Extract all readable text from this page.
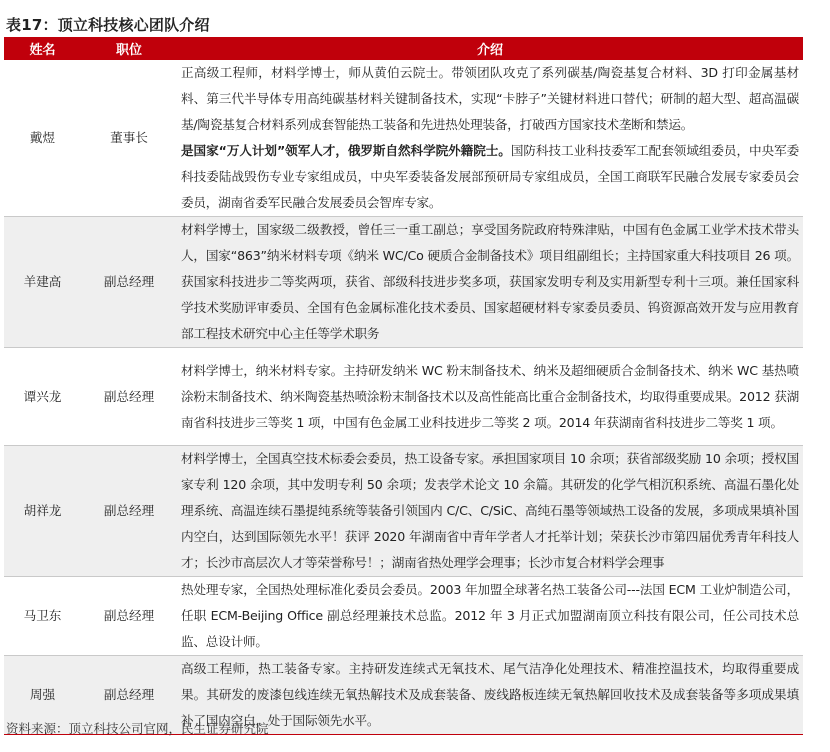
表17：顶立科技核心团队介绍
姓名	职位	介绍
戴煜	董事长	正高级工程师，材料学博士，师从黄伯云院士。带领团队攻克了系列碳基/陶瓷基复合材料、3D 打印金属基材料、第三代半导体专用高纯碳基材料关键制备技术，实现“卡脖子”关键材料进口替代；研制的超大型、超高温碳基/陶瓷基复合材料系列成套智能热工装备和先进热处理装备，打破西方国家技术垄断和禁运。
是国家“万人计划”领军人才，俄罗斯自然科学院外籍院士。国防科技工业科技委军工配套领域组委员，中央军委科技委陆战毁伤专业专家组成员，中央军委装备发展部预研局专家组成员，全国工商联军民融合发展专家委员会委员，湖南省委军民融合发展委员会智库专家。
羊建高	副总经理	材料学博士，国家级二级教授，曾任三一重工副总；享受国务院政府特殊津贴，中国有色金属工业学术技术带头人，国家“863”纳米材料专项《纳米 WC/Co 硬质合金制备技术》项目组副组长；主持国家重大科技项目 26 项。获国家科技进步二等奖两项，获省、部级科技进步奖多项，获国家发明专利及实用新型专利十三项。兼任国家科学技术奖励评审委员、全国有色金属标准化技术委员、国家超硬材料专家委员委员、钨资源高效开发与应用教育部工程技术研究中心主任等学术职务
谭兴龙	副总经理	材料学博士，纳米材料专家。主持研发纳米 WC 粉末制备技术、纳米及超细硬质合金制备技术、纳米 WC 基热喷涂粉末制备技术、纳米陶瓷基热喷涂粉末制备技术以及高性能高比重合金制备技术，均取得重要成果。2012 获湖南省科技进步三等奖 1 项，中国有色金属工业科技进步二等奖 2 项。2014 年获湖南省科技进步二等奖 1 项。
胡祥龙	副总经理	材料学博士，全国真空技术标委会委员，热工设备专家。承担国家项目 10 余项；获省部级奖励 10 余项；授权国家专利 120 余项，其中发明专利 50 余项；发表学术论文 10 余篇。其研发的化学气相沉积系统、高温石墨化处理系统、高温连续石墨提纯系统等装备引领国内 C/C、C/SiC、高纯石墨等领域热工设备的发展，多项成果填补国内空白，达到国际领先水平！获评 2020 年湖南省中青年学者人才托举计划；荣获长沙市第四届优秀青年科技人才；长沙市高层次人才等荣誉称号！；湖南省热处理学会理事；长沙市复合材料学会理事
马卫东	副总经理	热处理专家，全国热处理标准化委员会委员。2003 年加盟全球著名热工装备公司---法国 ECM 工业炉制造公司，任职 ECM-Beijing Office 副总经理兼技术总监。2012 年 3 月正式加盟湖南顶立科技有限公司，任公司技术总监、总设计师。
周强	副总经理	高级工程师，热工装备专家。主持研发连续式无氧技术、尾气洁净化处理技术、精准控温技术，均取得重要成果。其研发的废漆包线连续无氧热解技术及成套装备、废线路板连续无氧热解回收技术及成套装备等多项成果填补了国内空白，处于国际领先水平。
资料来源：顶立科技公司官网，民生证券研究院
